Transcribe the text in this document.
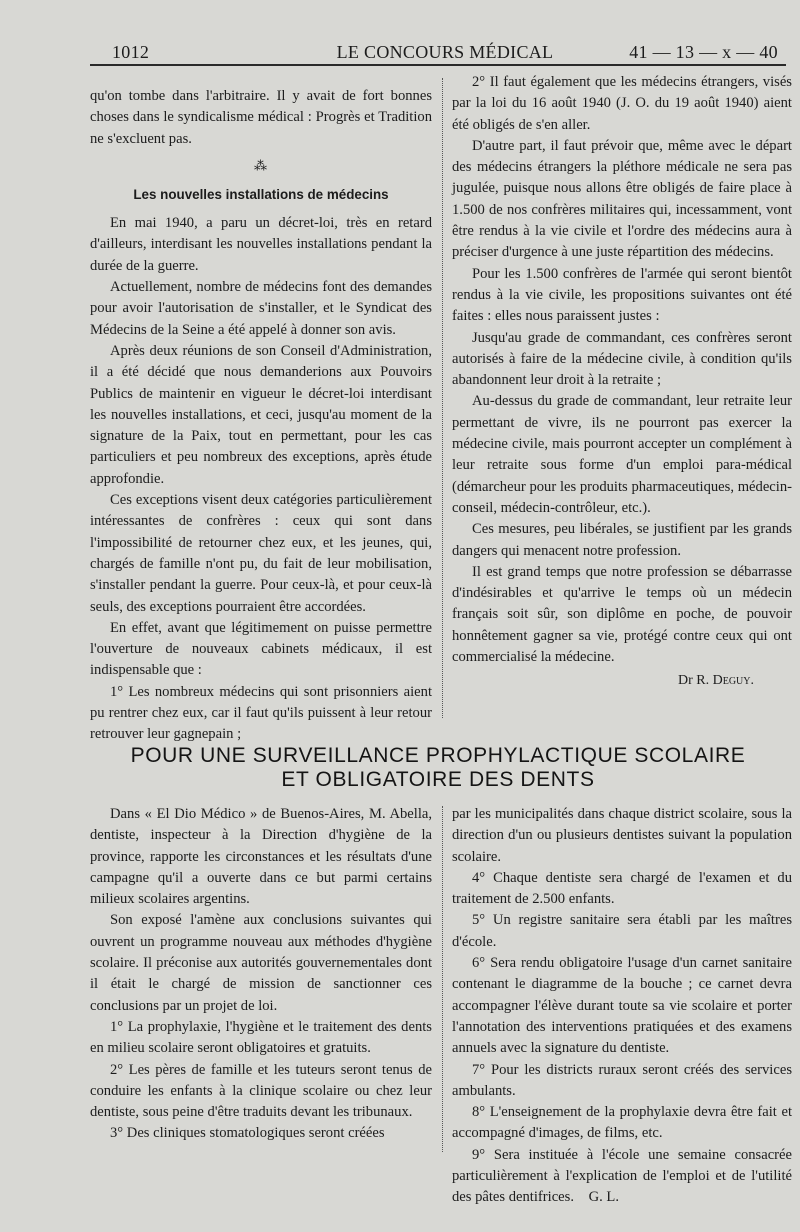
1012	LE CONCOURS MÉDICAL	41 — 13 — x — 40

qu'on tombe dans l'arbitraire. Il y avait de fort bonnes choses dans le syndicalisme médical : Progrès et Tradition ne s'excluent pas.

⁂
Les nouvelles installations de médecins

En mai 1940, a paru un décret-loi, très en retard d'ailleurs, interdisant les nouvelles installations pendant la durée de la guerre.

Actuellement, nombre de médecins font des demandes pour avoir l'autorisation de s'installer, et le Syndicat des Médecins de la Seine a été appelé à donner son avis.

Après deux réunions de son Conseil d'Administration, il a été décidé que nous demanderions aux Pouvoirs Publics de maintenir en vigueur le décret-loi interdisant les nouvelles installations, et ceci, jusqu'au moment de la signature de la Paix, tout en permettant, pour les cas particuliers et peu nombreux des exceptions, après étude approfondie.

Ces exceptions visent deux catégories particulièrement intéressantes de confrères : ceux qui sont dans l'impossibilité de retourner chez eux, et les jeunes, qui, chargés de famille n'ont pu, du fait de leur mobilisation, s'installer pendant la guerre. Pour ceux-là, et pour ceux-là seuls, des exceptions pourraient être accordées.

En effet, avant que légitimement on puisse permettre l'ouverture de nouveaux cabinets médicaux, il est indispensable que :

1° Les nombreux médecins qui sont prisonniers aient pu rentrer chez eux, car il faut qu'ils puissent à leur retour retrouver leur gagnepain ;

2° Il faut également que les médecins étrangers, visés par la loi du 16 août 1940 (J. O. du 19 août 1940) aient été obligés de s'en aller.

D'autre part, il faut prévoir que, même avec le départ des médecins étrangers la pléthore médicale ne sera pas jugulée, puisque nous allons être obligés de faire place à 1.500 de nos confrères militaires qui, incessamment, vont être rendus à la vie civile et l'ordre des médecins aura à préciser d'urgence à une juste répartition des médecins.

Pour les 1.500 confrères de l'armée qui seront bientôt rendus à la vie civile, les propositions suivantes ont été faites : elles nous paraissent justes :

Jusqu'au grade de commandant, ces confrères seront autorisés à faire de la médecine civile, à condition qu'ils abandonnent leur droit à la retraite ;

Au-dessus du grade de commandant, leur retraite leur permettant de vivre, ils ne pourront pas exercer la médecine civile, mais pourront accepter un complément à leur retraite sous forme d'un emploi para-médical (démarcheur pour les produits pharmaceutiques, médecin-conseil, médecin-contrôleur, etc.).

Ces mesures, peu libérales, se justifient par les grands dangers qui menacent notre profession.

Il est grand temps que notre profession se débarrasse d'indésirables et qu'arrive le temps où un médecin français soit sûr, son diplôme en poche, de pouvoir honnêtement gagner sa vie, protégé contre ceux qui ont commercialisé la médecine.

Dr R. Deguy.
POUR UNE SURVEILLANCE PROPHYLACTIQUE SCOLAIRE
ET OBLIGATOIRE DES DENTS

Dans « El Dio Médico » de Buenos-Aires, M. Abella, dentiste, inspecteur à la Direction d'hygiène de la province, rapporte les circonstances et les résultats d'une campagne qu'il a ouverte dans ce but parmi certains milieux scolaires argentins.

Son exposé l'amène aux conclusions suivantes qui ouvrent un programme nouveau aux méthodes d'hygiène scolaire. Il préconise aux autorités gouvernementales dont il était le chargé de mission de sanctionner ces conclusions par un projet de loi.

1° La prophylaxie, l'hygiène et le traitement des dents en milieu scolaire seront obligatoires et gratuits.

2° Les pères de famille et les tuteurs seront tenus de conduire les enfants à la clinique scolaire ou chez leur dentiste, sous peine d'être traduits devant les tribunaux.

3° Des cliniques stomatologiques seront créées

par les municipalités dans chaque district scolaire, sous la direction d'un ou plusieurs dentistes suivant la population scolaire.

4° Chaque dentiste sera chargé de l'examen et du traitement de 2.500 enfants.

5° Un registre sanitaire sera établi par les maîtres d'école.

6° Sera rendu obligatoire l'usage d'un carnet sanitaire contenant le diagramme de la bouche ; ce carnet devra accompagner l'élève durant toute sa vie scolaire et porter l'annotation des interventions pratiquées et des examens annuels avec la signature du dentiste.

7° Pour les districts ruraux seront créés des services ambulants.

8° L'enseignement de la prophylaxie devra être fait et accompagné d'images, de films, etc.

9° Sera instituée à l'école une semaine consacrée particulièrement à l'explication de l'emploi et de l'utilité des pâtes dentifrices. G. L.
